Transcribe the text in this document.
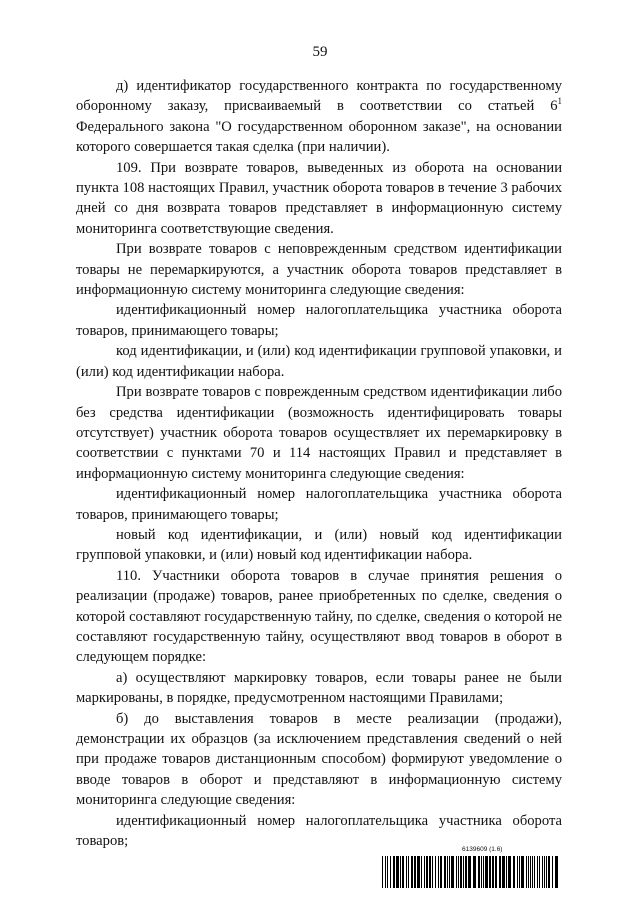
59

д) идентификатор государственного контракта по государственному оборонному заказу, присваиваемый в соответствии со статьей $6^1$ Федерального закона "О государственном оборонном заказе", на основании которого совершается такая сделка (при наличии).

109. При возврате товаров, выведенных из оборота на основании пункта 108 настоящих Правил, участник оборота товаров в течение 3 рабочих дней со дня возврата товаров представляет в информационную систему мониторинга соответствующие сведения.

При возврате товаров с неповрежденным средством идентификации товары не перемаркируются, а участник оборота товаров представляет в информационную систему мониторинга следующие сведения:

идентификационный номер налогоплательщика участника оборота товаров, принимающего товары;

код идентификации, и (или) код идентификации групповой упаковки, и (или) код идентификации набора.

При возврате товаров с поврежденным средством идентификации либо без средства идентификации (возможность идентифицировать товары отсутствует) участник оборота товаров осуществляет их перемаркировку в соответствии с пунктами 70 и 114 настоящих Правил и представляет в информационную систему мониторинга следующие сведения:

идентификационный номер налогоплательщика участника оборота товаров, принимающего товары;

новый код идентификации, и (или) новый код идентификации групповой упаковки, и (или) новый код идентификации набора.

110. Участники оборота товаров в случае принятия решения о реализации (продаже) товаров, ранее приобретенных по сделке, сведения о которой составляют государственную тайну, по сделке, сведения о которой не составляют государственную тайну, осуществляют ввод товаров в оборот в следующем порядке:

а) осуществляют маркировку товаров, если товары ранее не были маркированы, в порядке, предусмотренном настоящими Правилами;

б) до выставления товаров в месте реализации (продажи), демонстрации их образцов (за исключением представления сведений о ней при продаже товаров дистанционным способом) формируют уведомление о вводе товаров в оборот и представляют в информационную систему мониторинга следующие сведения:

идентификационный номер налогоплательщика участника оборота товаров;

6139609 (1.6)
